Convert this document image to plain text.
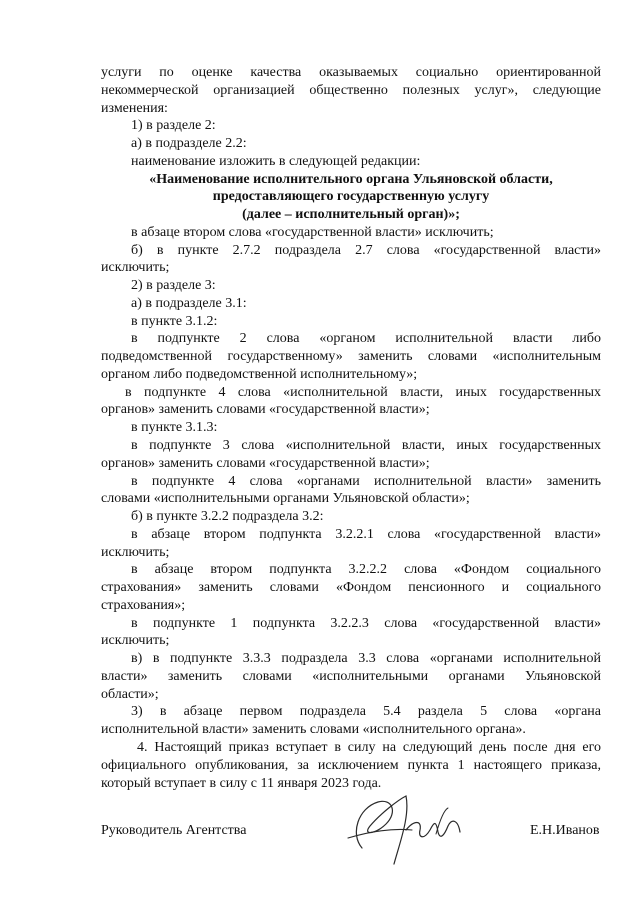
услуги по оценке качества оказываемых социально ориентированной
некоммерческой организацией общественно полезных услуг», следующие
изменения:
1) в разделе 2:
а) в подразделе 2.2:
наименование изложить в следующей редакции:
«Наименование исполнительного органа Ульяновской области,
предоставляющего государственную услугу
(далее – исполнительный орган)»;
в абзаце втором слова «государственной власти» исключить;
б) в пункте 2.7.2 подраздела 2.7 слова «государственной власти»
исключить;
2) в разделе 3:
а) в подразделе 3.1:
в пункте 3.1.2:
в подпункте 2 слова «органом исполнительной власти либо
подведомственной государственному» заменить словами «исполнительным
органом либо подведомственной исполнительному»;
в подпункте 4 слова «исполнительной власти, иных государственных
органов» заменить словами «государственной власти»;
в пункте 3.1.3:
в подпункте 3 слова «исполнительной власти, иных государственных
органов» заменить словами «государственной власти»;
в подпункте 4 слова «органами исполнительной власти» заменить
словами «исполнительными органами Ульяновской области»;
б) в пункте 3.2.2 подраздела 3.2:
в абзаце втором подпункта 3.2.2.1 слова «государственной власти»
исключить;
в абзаце втором подпункта 3.2.2.2 слова «Фондом социального
страхования» заменить словами «Фондом пенсионного и социального
страхования»;
в подпункте 1 подпункта 3.2.2.3 слова «государственной власти»
исключить;
в) в подпункте 3.3.3 подраздела 3.3 слова «органами исполнительной
власти» заменить словами «исполнительными органами Ульяновской
области»;
3) в абзаце первом подраздела 5.4 раздела 5 слова «органа
исполнительной власти» заменить словами «исполнительного органа».
4. Настоящий приказ вступает в силу на следующий день после дня его
официального опубликования, за исключением пункта 1 настоящего приказа,
который вступает в силу с 11 января 2023 года.
Руководитель Агентства	Е.Н.Иванов
